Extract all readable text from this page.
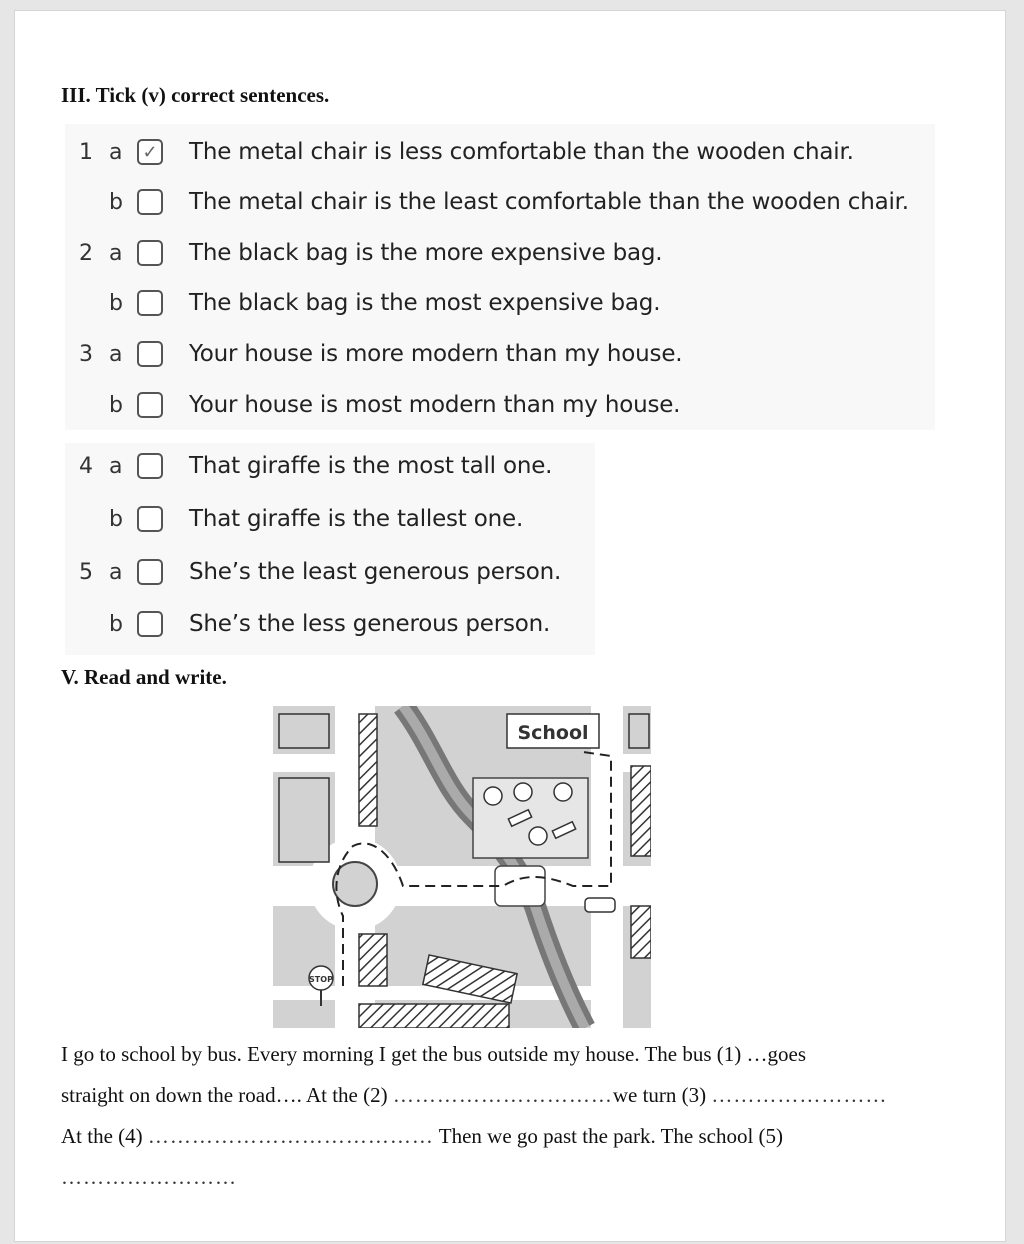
III. Tick (v) correct sentences.
1 a	✓ The metal chair is less comfortable than the wooden chair.
b	The metal chair is the least comfortable than the wooden chair.
2 a	The black bag is the more expensive bag.
b	The black bag is the most expensive bag.
3 a	Your house is more modern than my house.
b	Your house is most modern than my house.
4 a	That giraffe is the most tall one.
b	That giraffe is the tallest one.
5 a	She’s the least generous person.
b	She’s the less generous person.
V. Read and write.
School
STOP
I go to school by bus. Every morning I get the bus outside my house. The bus (1) …goes
straight on down the road…. At the (2) …………………………we turn (3) ……………………
At the (4) ………………………………… Then we go past the park. The school (5)
……………………
